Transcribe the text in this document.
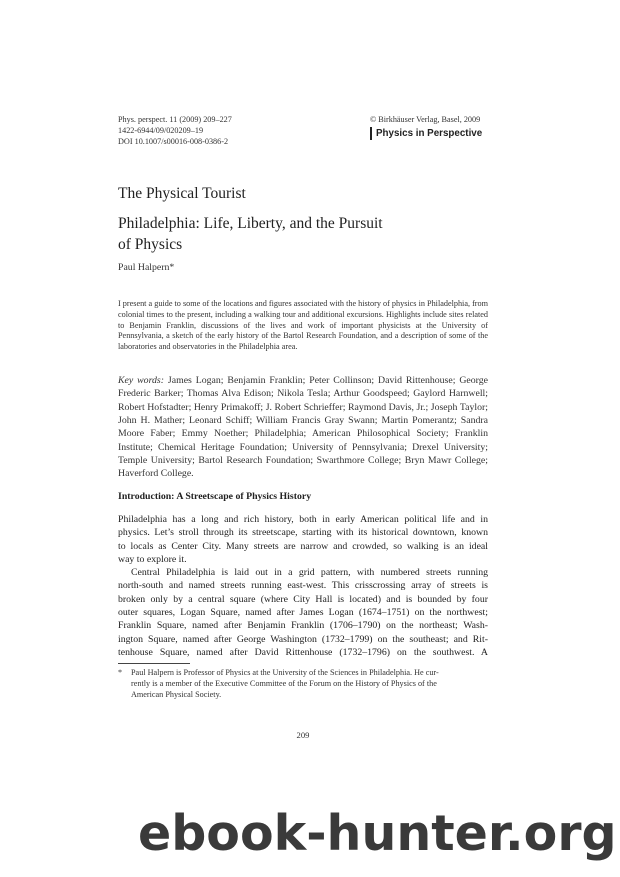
Phys. perspect. 11 (2009) 209–227
1422-6944/09/020209–19
DOI 10.1007/s00016-008-0386-2
© Birkhäuser Verlag, Basel, 2009
Physics in Perspective
The Physical Tourist
Philadelphia: Life, Liberty, and the Pursuit
of Physics
Paul Halpern*
I present a guide to some of the locations and figures associated with the history of physics in Philadelphia, from colonial times to the present, including a walking tour and additional excursions. Highlights include sites related to Benjamin Franklin, discussions of the lives and work of important physicists at the University of Pennsylvania, a sketch of the early history of the Bartol Research Foundation, and a description of some of the laboratories and observatories in the Philadelphia area.
Key words: James Logan; Benjamin Franklin; Peter Collinson; David Rittenhouse; George Frederic Barker; Thomas Alva Edison; Nikola Tesla; Arthur Goodspeed; Gaylord Harnwell; Robert Hofstadter; Henry Primakoff; J. Robert Schrieffer; Raymond Davis, Jr.; Joseph Taylor; John H. Mather; Leonard Schiff; William Francis Gray Swann; Martin Pomerantz; Sandra Moore Faber; Emmy Noether; Philadelphia; American Philosophical Society; Franklin Institute; Chemical Heritage Foundation; University of Pennsylvania; Drexel University; Temple University; Bartol Research Foundation; Swarthmore College; Bryn Mawr College; Haverford College.
Introduction: A Streetscape of Physics History

Philadelphia has a long and rich history, both in early American political life and in

physics. Let’s stroll through its streetscape, starting with its historical downtown, known

to locals as Center City. Many streets are narrow and crowded, so walking is an ideal

way to explore it.

Central Philadelphia is laid out in a grid pattern, with numbered streets running

north-south and named streets running east-west. This crisscrossing array of streets is

broken only by a central square (where City Hall is located) and is bounded by four

outer squares, Logan Square, named after James Logan (1674–1751) on the northwest;

Franklin Square, named after Benjamin Franklin (1706–1790) on the northeast; Wash-

ington Square, named after George Washington (1732–1799) on the southeast; and Rit-

tenhouse Square, named after David Rittenhouse (1732–1796) on the southwest. A

* Paul Halpern is Professor of Physics at the University of the Sciences in Philadelphia. He cur-
rently is a member of the Executive Committee of the Forum on the History of Physics of the
American Physical Society.
209
ebook-hunter.org
